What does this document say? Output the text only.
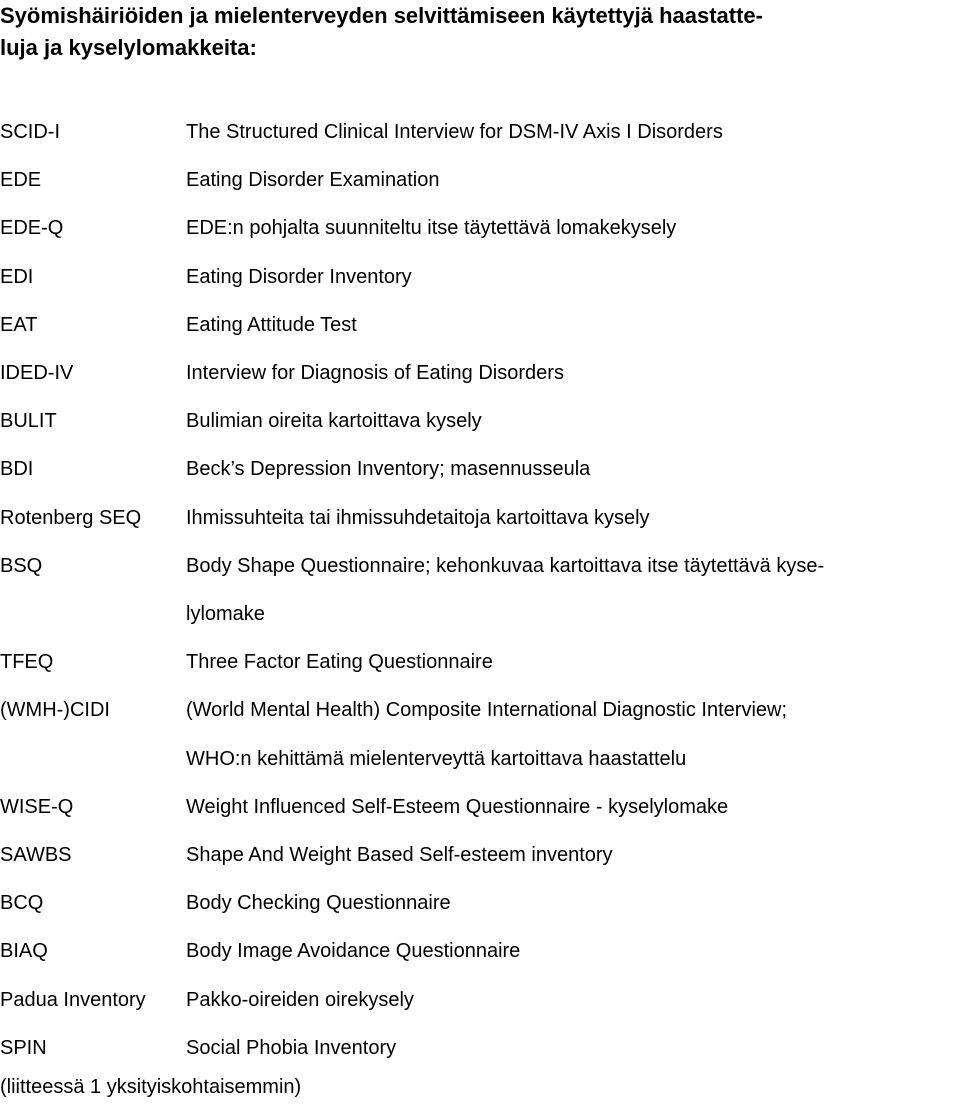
Syömishäiriöiden ja mielenterveyden selvittämiseen käytettyjä haastatte-
luja ja kyselylomakkeita:
SCID-I	The Structured Clinical Interview for DSM-IV Axis I Disorders
EDE	Eating Disorder Examination
EDE-Q	EDE:n pohjalta suunniteltu itse täytettävä lomakekysely
EDI	Eating Disorder Inventory
EAT	Eating Attitude Test
IDED-IV	Interview for Diagnosis of Eating Disorders
BULIT	Bulimian oireita kartoittava kysely
BDI	Beck’s Depression Inventory; masennusseula
Rotenberg SEQ	Ihmissuhteita tai ihmissuhdetaitoja kartoittava kysely
BSQ	Body Shape Questionnaire; kehonkuvaa kartoittava itse täytettävä kyse-
lylomake
TFEQ	Three Factor Eating Questionnaire
(WMH-)CIDI	(World Mental Health) Composite International Diagnostic Interview;
WHO:n kehittämä mielenterveyttä kartoittava haastattelu
WISE-Q	Weight Influenced Self-Esteem Questionnaire - kyselylomake
SAWBS	Shape And Weight Based Self-esteem inventory
BCQ	Body Checking Questionnaire
BIAQ	Body Image Avoidance Questionnaire
Padua Inventory	Pakko-oireiden oirekysely
SPIN	Social Phobia Inventory
(liitteessä 1 yksityiskohtaisemmin)
